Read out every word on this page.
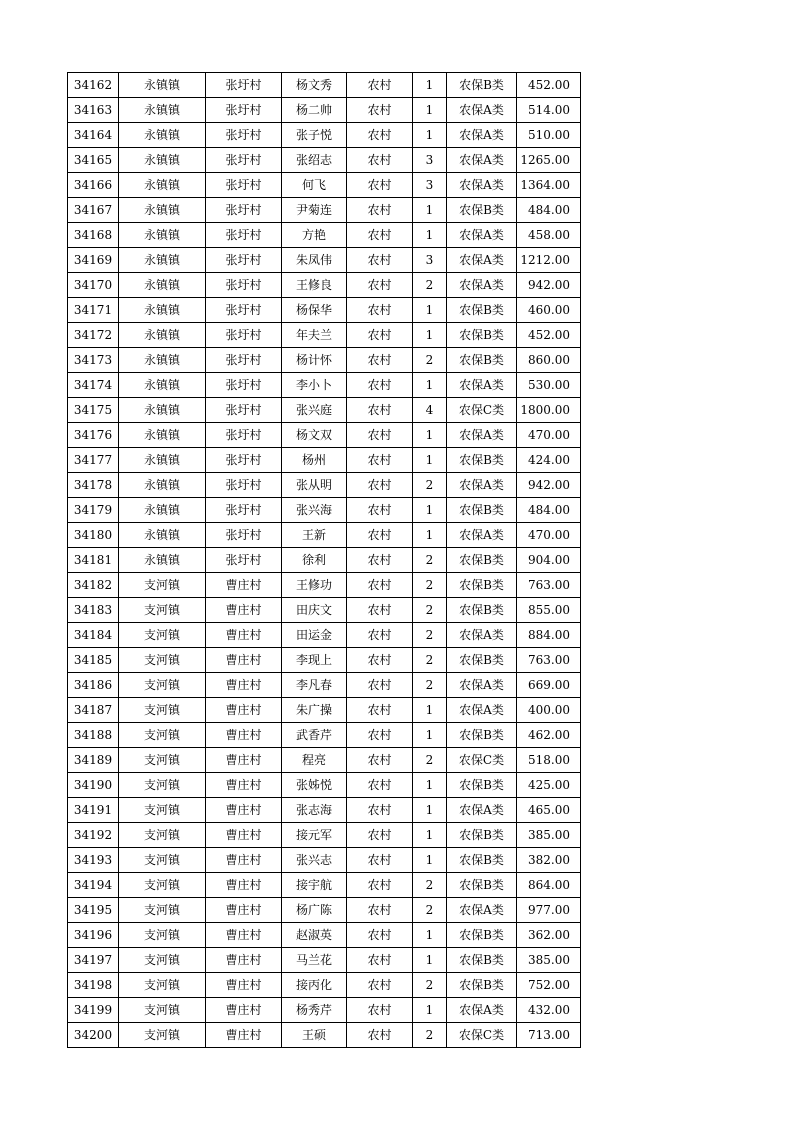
34162	永镇镇	张圩村	杨文秀	农村	1	农保B类	452.00
34163	永镇镇	张圩村	杨二帅	农村	1	农保A类	514.00
34164	永镇镇	张圩村	张子悦	农村	1	农保A类	510.00
34165	永镇镇	张圩村	张绍志	农村	3	农保A类	1265.00
34166	永镇镇	张圩村	何飞	农村	3	农保A类	1364.00
34167	永镇镇	张圩村	尹菊连	农村	1	农保B类	484.00
34168	永镇镇	张圩村	方艳	农村	1	农保A类	458.00
34169	永镇镇	张圩村	朱凤伟	农村	3	农保A类	1212.00
34170	永镇镇	张圩村	王修良	农村	2	农保A类	942.00
34171	永镇镇	张圩村	杨保华	农村	1	农保B类	460.00
34172	永镇镇	张圩村	年夫兰	农村	1	农保B类	452.00
34173	永镇镇	张圩村	杨计怀	农村	2	农保B类	860.00
34174	永镇镇	张圩村	李小卜	农村	1	农保A类	530.00
34175	永镇镇	张圩村	张兴庭	农村	4	农保C类	1800.00
34176	永镇镇	张圩村	杨文双	农村	1	农保A类	470.00
34177	永镇镇	张圩村	杨州	农村	1	农保B类	424.00
34178	永镇镇	张圩村	张从明	农村	2	农保A类	942.00
34179	永镇镇	张圩村	张兴海	农村	1	农保B类	484.00
34180	永镇镇	张圩村	王新	农村	1	农保A类	470.00
34181	永镇镇	张圩村	徐利	农村	2	农保B类	904.00
34182	支河镇	曹庄村	王修功	农村	2	农保B类	763.00
34183	支河镇	曹庄村	田庆文	农村	2	农保B类	855.00
34184	支河镇	曹庄村	田运金	农村	2	农保A类	884.00
34185	支河镇	曹庄村	李现上	农村	2	农保B类	763.00
34186	支河镇	曹庄村	李凡春	农村	2	农保A类	669.00
34187	支河镇	曹庄村	朱广操	农村	1	农保A类	400.00
34188	支河镇	曹庄村	武香芹	农村	1	农保B类	462.00
34189	支河镇	曹庄村	程亮	农村	2	农保C类	518.00
34190	支河镇	曹庄村	张姊悦	农村	1	农保B类	425.00
34191	支河镇	曹庄村	张志海	农村	1	农保A类	465.00
34192	支河镇	曹庄村	接元军	农村	1	农保B类	385.00
34193	支河镇	曹庄村	张兴志	农村	1	农保B类	382.00
34194	支河镇	曹庄村	接宇航	农村	2	农保B类	864.00
34195	支河镇	曹庄村	杨广陈	农村	2	农保A类	977.00
34196	支河镇	曹庄村	赵淑英	农村	1	农保B类	362.00
34197	支河镇	曹庄村	马兰花	农村	1	农保B类	385.00
34198	支河镇	曹庄村	接丙化	农村	2	农保B类	752.00
34199	支河镇	曹庄村	杨秀芹	农村	1	农保A类	432.00
34200	支河镇	曹庄村	王硕	农村	2	农保C类	713.00
